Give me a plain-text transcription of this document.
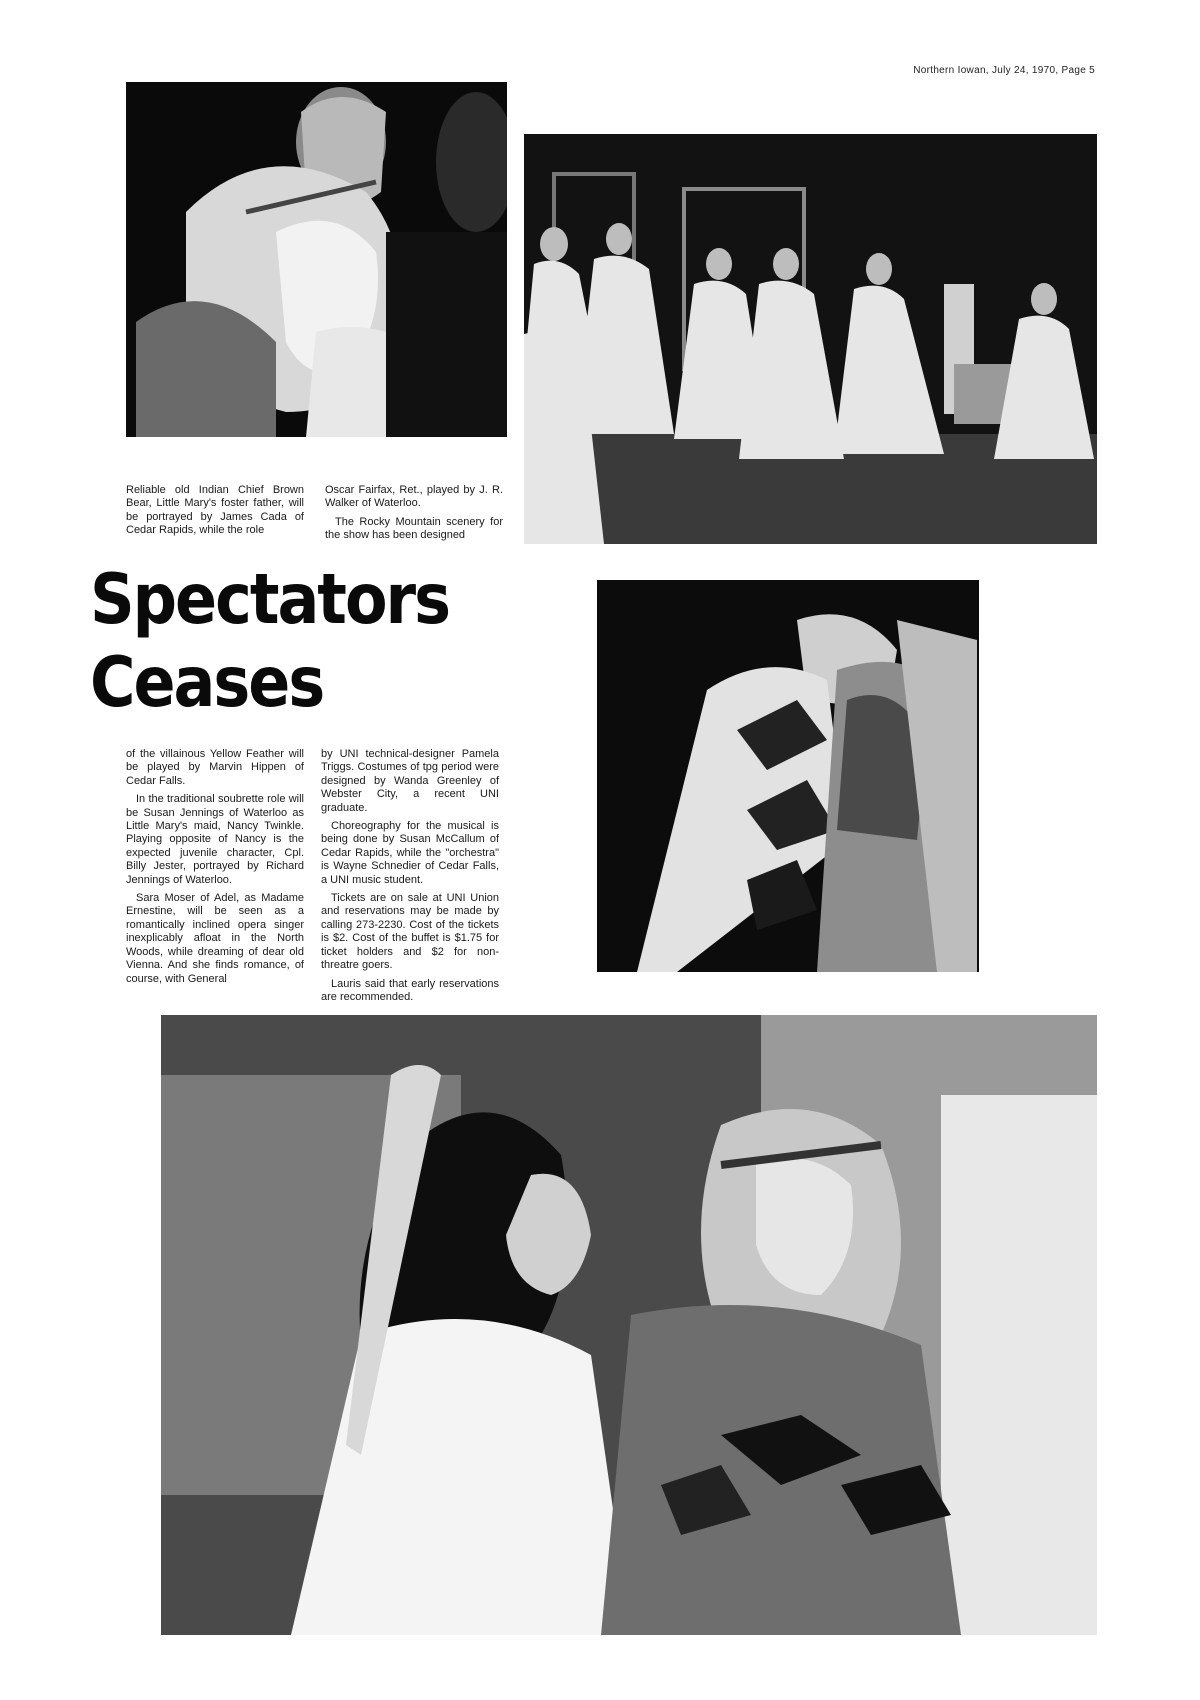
Northern Iowan, July 24, 1970, Page 5
Reliable old Indian Chief Brown Bear, Little Mary's foster father, will be portrayed by James Cada of Cedar Rapids, while the role

Oscar Fairfax, Ret., played by J. R. Walker of Waterloo.

The Rocky Mountain scenery for the show has been designed

Spectators
Ceases

of the villainous Yellow Feather will be played by Marvin Hippen of Cedar Falls.

In the traditional soubrette role will be Susan Jennings of Waterloo as Little Mary's maid, Nancy Twinkle. Playing opposite of Nancy is the expected juvenile character, Cpl. Billy Jester, portrayed by Richard Jennings of Waterloo.

Sara Moser of Adel, as Madame Ernestine, will be seen as a romantically inclined opera singer inexplicably afloat in the North Woods, while dreaming of dear old Vienna. And she finds romance, of course, with General

by UNI technical-designer Pamela Triggs. Costumes of tpg period were designed by Wanda Greenley of Webster City, a recent UNI graduate.

Choreography for the musical is being done by Susan McCallum of Cedar Rapids, while the "orchestra" is Wayne Schnedier of Cedar Falls, a UNI music student.

Tickets are on sale at UNI Union and reservations may be made by calling 273-2230. Cost of the tickets is $2. Cost of the buffet is $1.75 for ticket holders and $2 for non-threatre goers.

Lauris said that early reservations are recommended.
